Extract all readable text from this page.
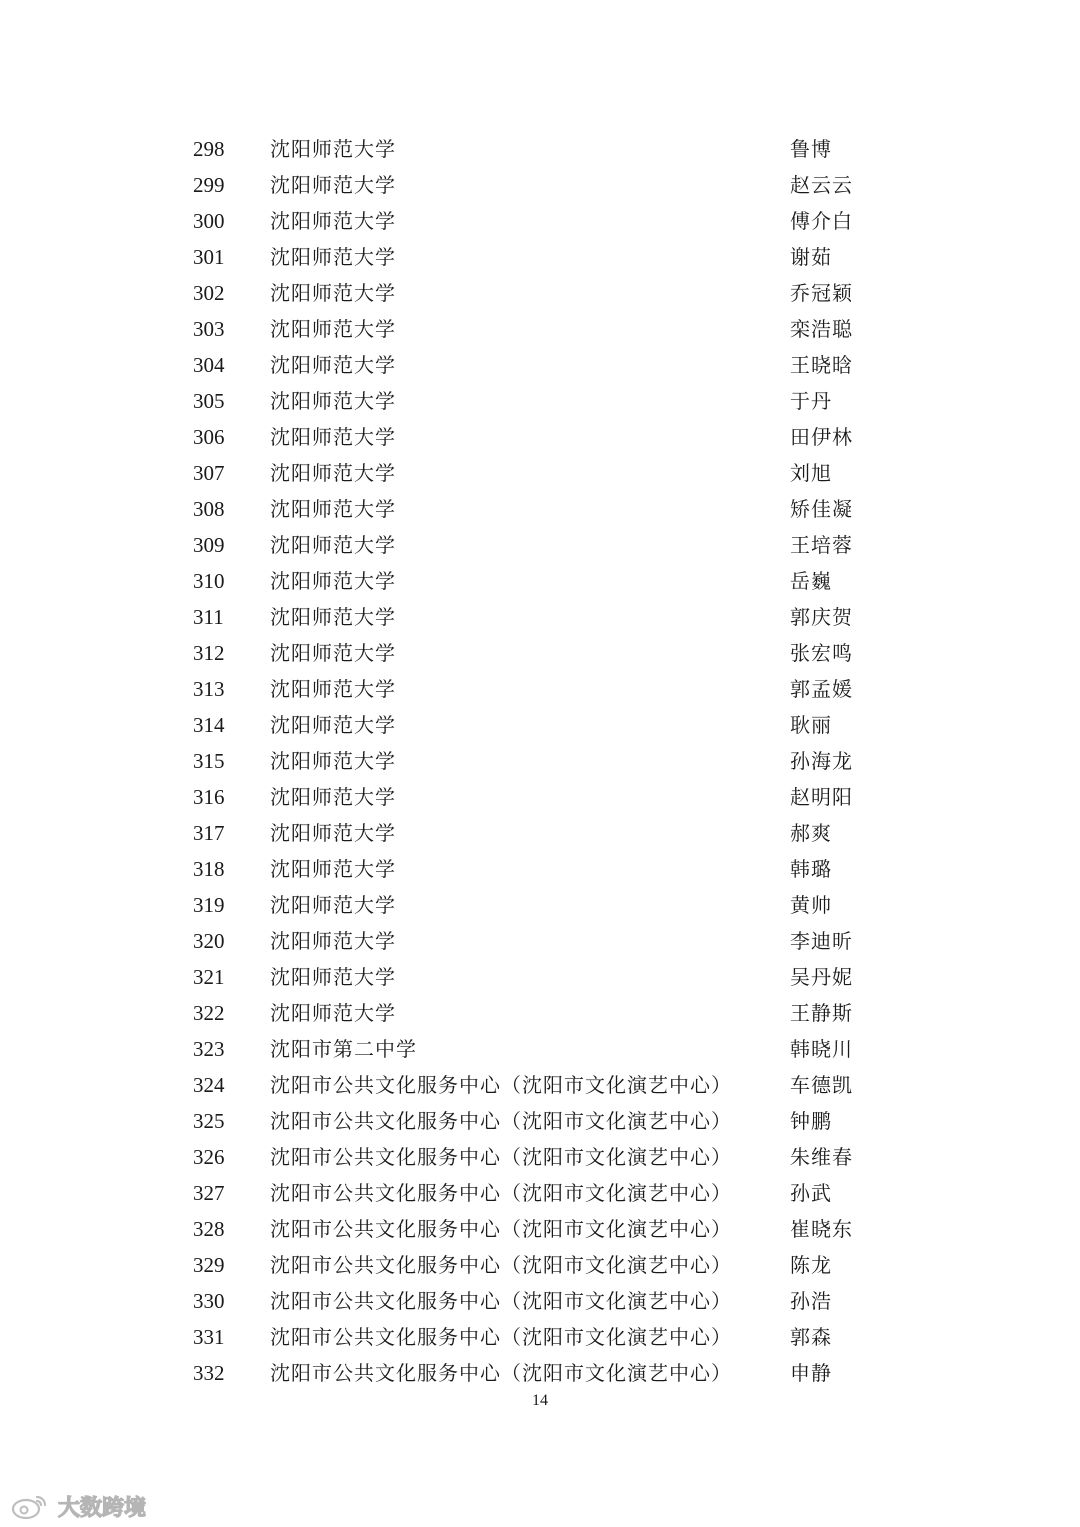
298 沈阳师范大学	鲁博
299 沈阳师范大学	赵云云
300 沈阳师范大学	傅介白
301 沈阳师范大学	谢茹
302 沈阳师范大学	乔冠颖
303 沈阳师范大学	栾浩聪
304 沈阳师范大学	王晓晗
305 沈阳师范大学	于丹
306 沈阳师范大学	田伊林
307 沈阳师范大学	刘旭
308 沈阳师范大学	矫佳凝
309 沈阳师范大学	王培蓉
310 沈阳师范大学	岳巍
311 沈阳师范大学	郭庆贺
312 沈阳师范大学	张宏鸣
313 沈阳师范大学	郭孟媛
314 沈阳师范大学	耿丽
315 沈阳师范大学	孙海龙
316 沈阳师范大学	赵明阳
317 沈阳师范大学	郝爽
318 沈阳师范大学	韩璐
319 沈阳师范大学	黄帅
320 沈阳师范大学	李迪昕
321 沈阳师范大学	吴丹妮
322 沈阳师范大学	王静斯
323 沈阳市第二中学	韩晓川
324 沈阳市公共文化服务中心（沈阳市文化演艺中心）	车德凯
325 沈阳市公共文化服务中心（沈阳市文化演艺中心）	钟鹏
326 沈阳市公共文化服务中心（沈阳市文化演艺中心）	朱维春
327 沈阳市公共文化服务中心（沈阳市文化演艺中心）	孙武
328 沈阳市公共文化服务中心（沈阳市文化演艺中心）	崔晓东
329 沈阳市公共文化服务中心（沈阳市文化演艺中心）	陈龙
330 沈阳市公共文化服务中心（沈阳市文化演艺中心）	孙浩
331 沈阳市公共文化服务中心（沈阳市文化演艺中心）	郭森
332 沈阳市公共文化服务中心（沈阳市文化演艺中心）	申静
14
大数跨境
